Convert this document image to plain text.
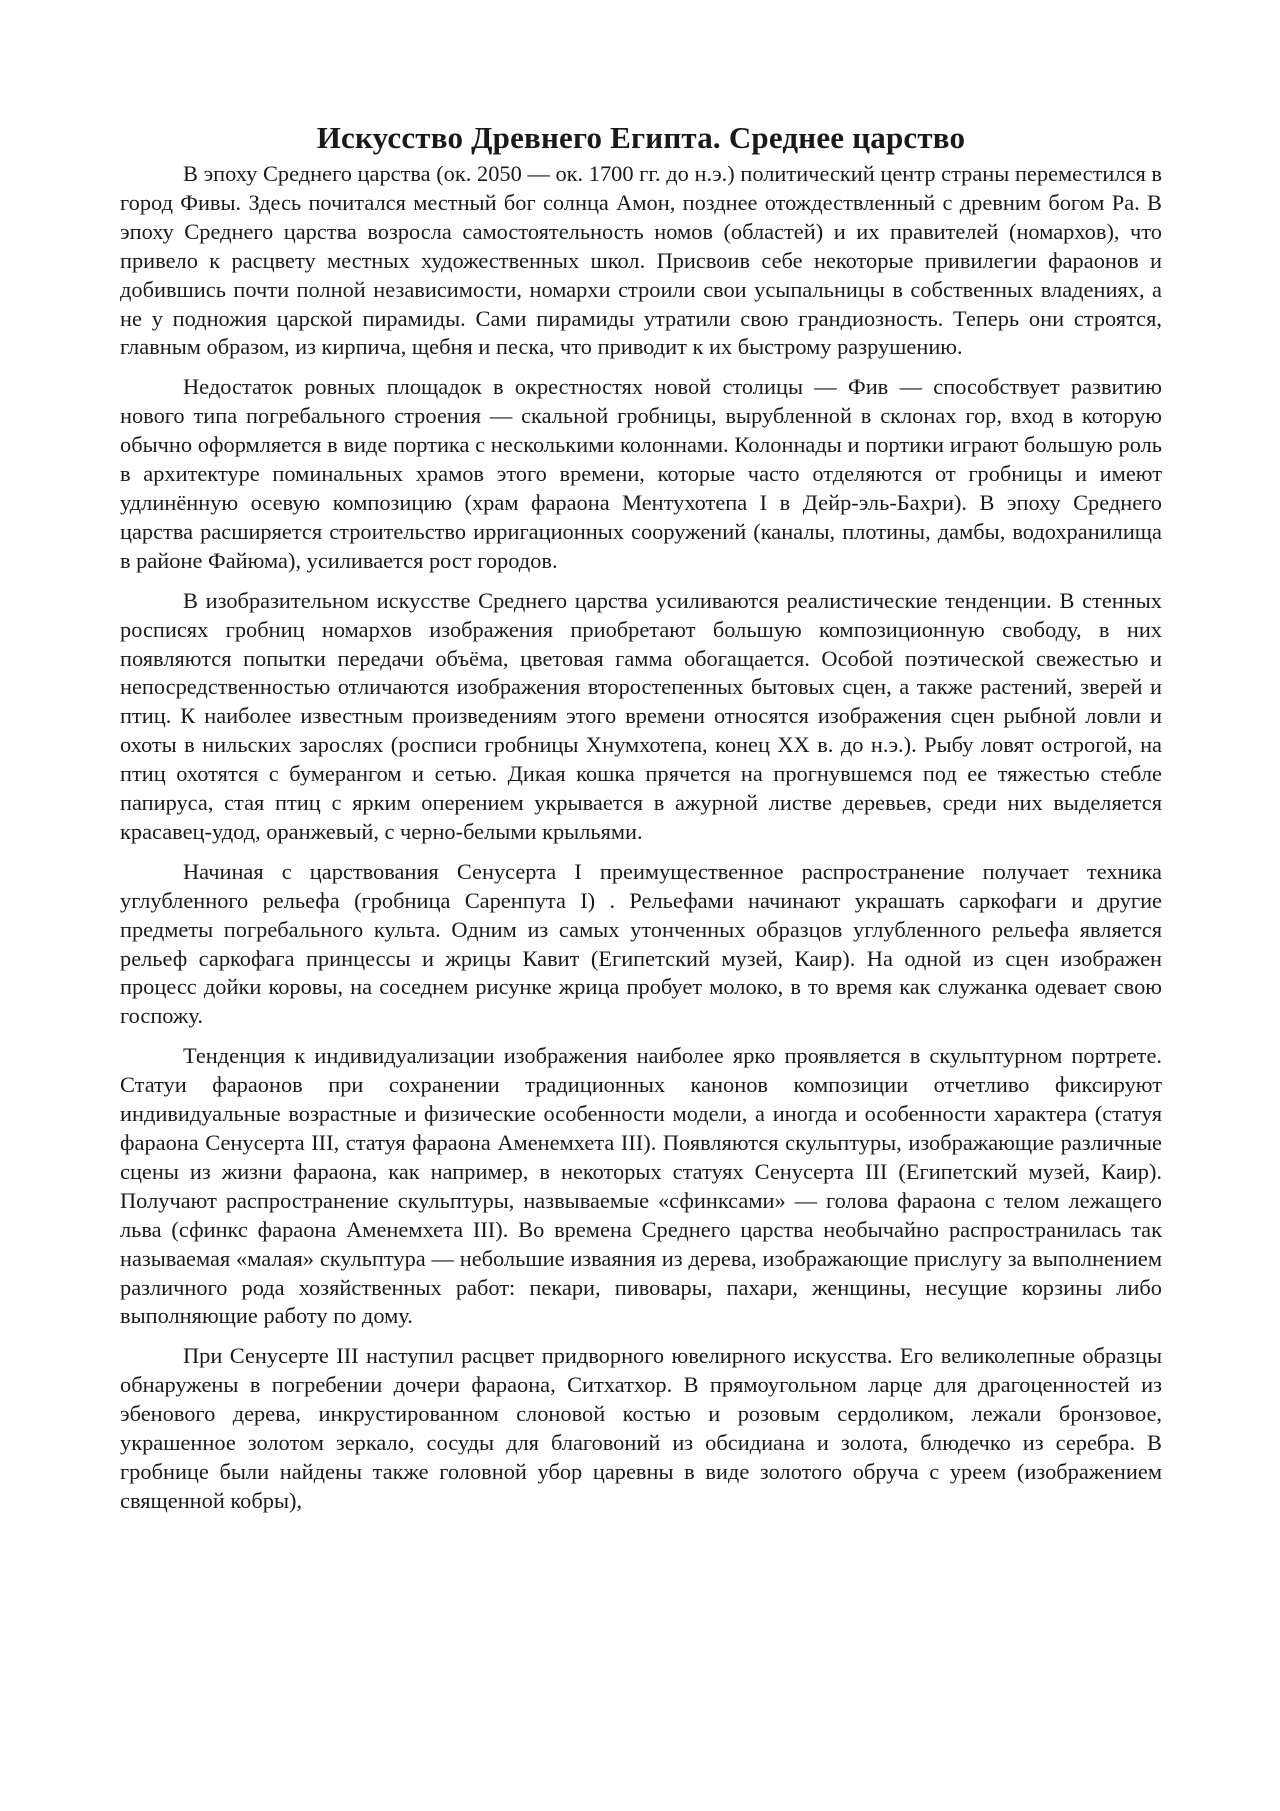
Искусство Древнего Египта. Среднее царство

В эпоху Среднего царства (ок. 2050 — ок. 1700 гг. до н.э.) политический центр страны переместился в город Фивы. Здесь почитался местный бог солнца Амон, позднее отождествленный с древним богом Ра. В эпоху Среднего царства возросла самостоятельность номов (областей) и их правителей (номархов), что привело к расцвету местных художественных школ. Присвоив себе некоторые привилегии фараонов и добившись почти полной независимости, номархи строили свои усыпальницы в собственных владениях, а не у подножия царской пирамиды. Сами пирамиды утратили свою грандиозность. Теперь они строятся, главным образом, из кирпича, щебня и песка, что приводит к их быстрому разрушению.

Недостаток ровных площадок в окрестностях новой столицы — Фив — способствует развитию нового типа погребального строения — скальной гробницы, вырубленной в склонах гор, вход в которую обычно оформляется в виде портика с несколькими колоннами. Колоннады и портики играют большую роль в архитектуре поминальных храмов этого времени, которые часто отделяются от гробницы и имеют удлинённую осевую композицию (храм фараона Ментухотепа I в Дейр-эль-Бахри). В эпоху Среднего царства расширяется строительство ирригационных сооружений (каналы, плотины, дамбы, водохранилища в районе Файюма), усиливается рост городов.

В изобразительном искусстве Среднего царства усиливаются реалистические тенденции. В стенных росписях гробниц номархов изображения приобретают большую композиционную свободу, в них появляются попытки передачи объёма, цветовая гамма обогащается. Особой поэтической свежестью и непосредственностью отличаются изображения второстепенных бытовых сцен, а также растений, зверей и птиц. К наиболее известным произведениям этого времени относятся изображения сцен рыбной ловли и охоты в нильских зарослях (росписи гробницы Хнумхотепа, конец XX в. до н.э.). Рыбу ловят острогой, на птиц охотятся с бумерангом и сетью. Дикая кошка прячется на прогнувшемся под ее тяжестью стебле папируса, стая птиц с ярким оперением укрывается в ажурной листве деревьев, среди них выделяется красавец-удод, оранжевый, с черно-белыми крыльями.

Начиная с царствования Сенусерта I преимущественное распространение получает техника углубленного рельефа (гробница Саренпута I) . Рельефами начинают украшать саркофаги и другие предметы погребального культа. Одним из самых утонченных образцов углубленного рельефа является рельеф саркофага принцессы и жрицы Кавит (Египетский музей, Каир). На одной из сцен изображен процесс дойки коровы, на соседнем рисунке жрица пробует молоко, в то время как служанка одевает свою госпожу.

Тенденция к индивидуализации изображения наиболее ярко проявляется в скульптурном портрете. Статуи фараонов при сохранении традиционных канонов композиции отчетливо фиксируют индивидуальные возрастные и физические особенности модели, а иногда и особенности характера (статуя фараона Сенусерта III, статуя фараона Аменемхета III). Появляются скульптуры, изображающие различные сцены из жизни фараона, как например, в некоторых статуях Сенусерта III (Египетский музей, Каир). Получают распространение скульптуры, назвываемые «сфинксами» — голова фараона с телом лежащего льва (сфинкс фараона Аменемхета III). Во времена Среднего царства необычайно распространилась так называемая «малая» скульптура — небольшие изваяния из дерева, изображающие прислугу за выполнением различного рода хозяйственных работ: пекари, пивовары, пахари, женщины, несущие корзины либо выполняющие работу по дому.

При Сенусерте III наступил расцвет придворного ювелирного искусства. Его великолепные образцы обнаружены в погребении дочери фараона, Ситхатхор. В прямоугольном ларце для драгоценностей из эбенового дерева, инкрустированном слоновой костью и розовым сердоликом, лежали бронзовое, украшенное золотом зеркало, сосуды для благовоний из обсидиана и золота, блюдечко из серебра. В гробнице были найдены также головной убор царевны в виде золотого обруча с уреем (изображением священной кобры),
